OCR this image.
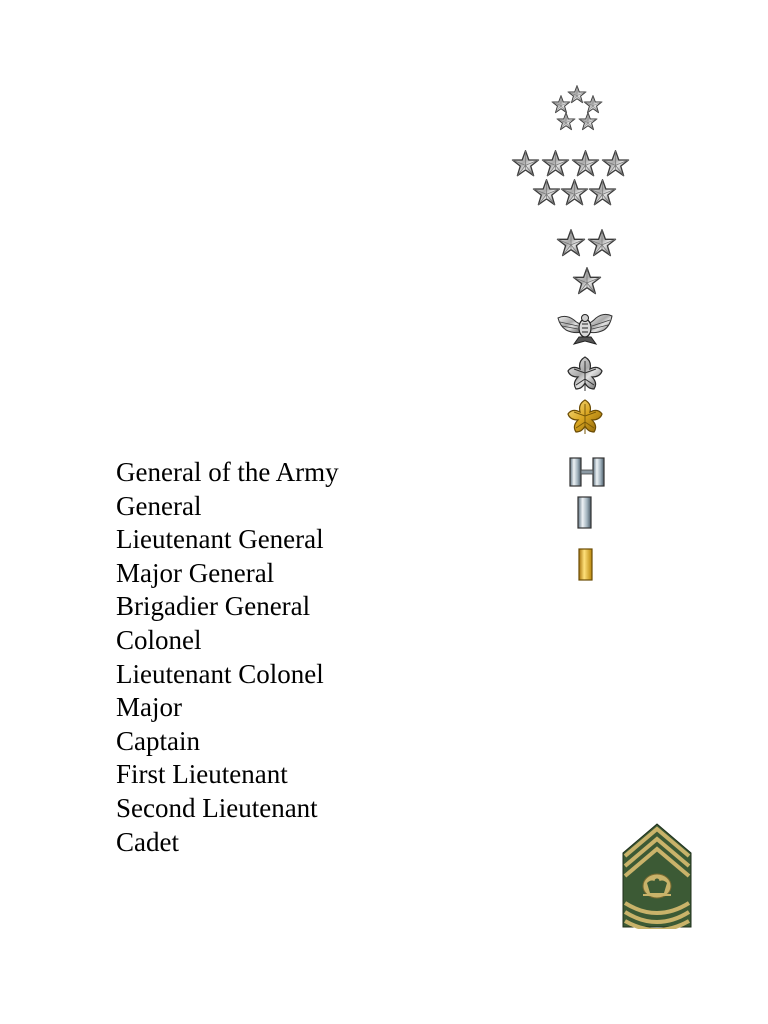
General of the Army
General
Lieutenant General
Major General
Brigadier General
Colonel
Lieutenant Colonel
Major
Captain
First Lieutenant
Second Lieutenant
Cadet
